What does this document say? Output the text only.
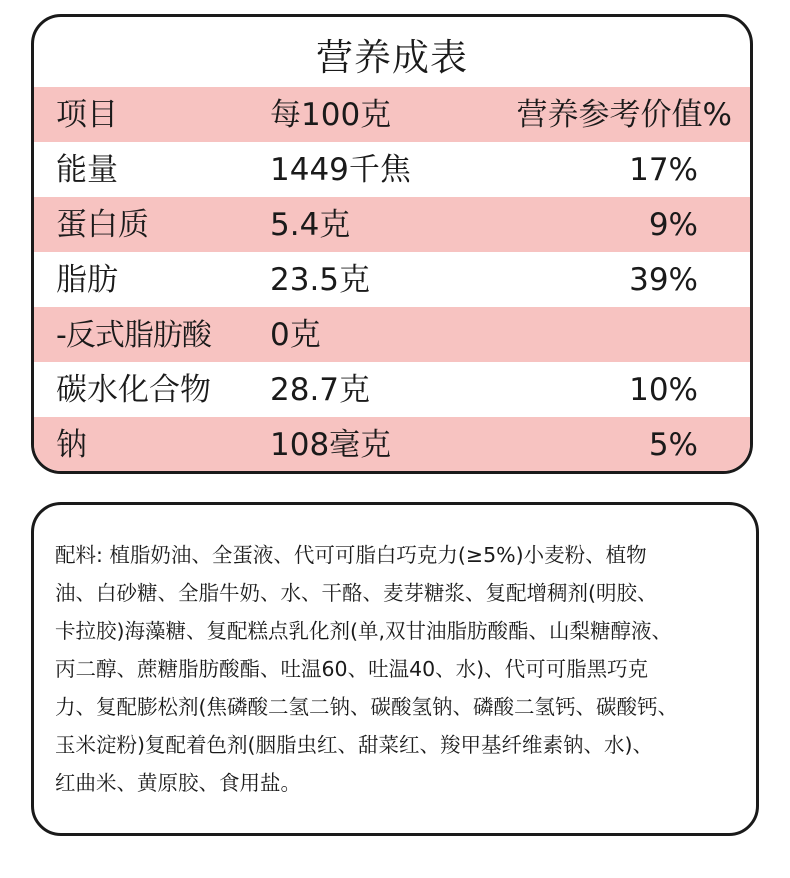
营养成表
项目	每100克	营养参考价值%
能量	1449千焦	17%
蛋白质	5.4克	9%
脂肪	23.5克	39%
-反式脂肪酸 0克
碳水化合物 28.7克	10%
钠	108毫克	5%

配料: 植脂奶油、全蛋液、代可可脂白巧克力(≥5%)小麦粉、植物
油、白砂糖、全脂牛奶、水、干酪、麦芽糖浆、复配增稠剂(明胶、
卡拉胶)海藻糖、复配糕点乳化剂(单,双甘油脂肪酸酯、山梨糖醇液、
丙二醇、蔗糖脂肪酸酯、吐温60、吐温40、水)、代可可脂黑巧克
力、复配膨松剂(焦磷酸二氢二钠、碳酸氢钠、磷酸二氢钙、碳酸钙、
玉米淀粉)复配着色剂(胭脂虫红、甜菜红、羧甲基纤维素钠、水)、
红曲米、黄原胶、食用盐。
